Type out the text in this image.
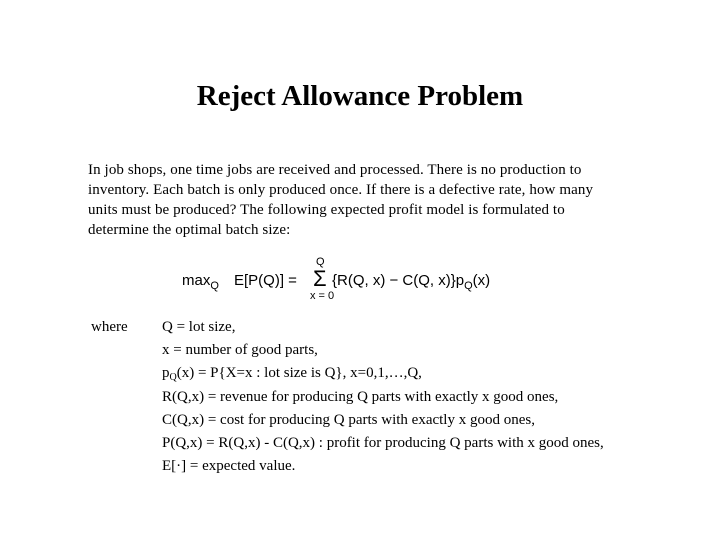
Reject Allowance Problem

In job shops, one time jobs are received and processed. There is no production to

inventory. Each batch is only produced once. If there is a defective rate, how many

units must be produced? The following expected profit model is formulated to

determine the optimal batch size:

$\max_Q E[P(Q)]$ =
Q
Σ
x = 0
{R(Q, x) − C(Q, $x)\}p_Q(x)$
where Q = lot size,

x = number of good parts,

$p_Q(x) = P\{X=x$ : lot size is Q}, x=0,1,…,Q,

R(Q,x) = revenue for producing Q parts with exactly x good ones,

C(Q,x) = cost for producing Q parts with exactly x good ones,

P(Q,x) = R(Q,x) - C(Q,x) : profit for producing Q parts with x good ones,

E[·] = expected value.
